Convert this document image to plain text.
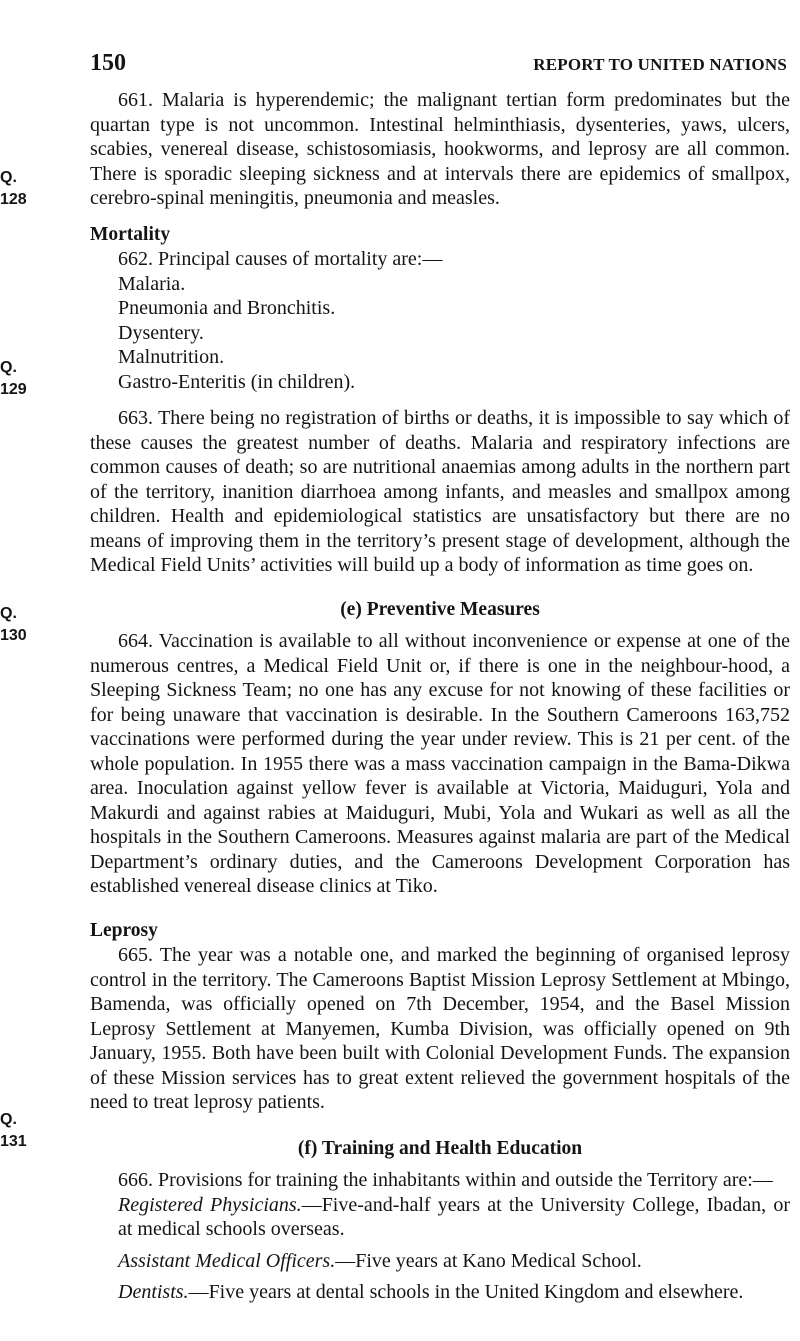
150	REPORT TO UNITED NATIONS
Q. 128
Q. 129
Q. 130
Q. 131

661. Malaria is hyperendemic; the malignant tertian form predominates but the quartan type is not uncommon. Intestinal helminthiasis, dysenteries, yaws, ulcers, scabies, venereal disease, schistosomiasis, hookworms, and leprosy are all common. There is sporadic sleeping sickness and at intervals there are epidemics of smallpox, cerebro-spinal meningitis, pneumonia and measles.

Mortality

662. Principal causes of mortality are:—

Malaria.
Pneumonia and Bronchitis.
Dysentery.
Malnutrition.
Gastro-Enteritis (in children).

663. There being no registration of births or deaths, it is impossible to say which of these causes the greatest number of deaths. Malaria and respiratory infections are common causes of death; so are nutritional anaemias among adults in the northern part of the territory, inanition diarrhoea among infants, and measles and smallpox among children. Health and epidemiological statistics are unsatisfactory but there are no means of improving them in the territory’s present stage of development, although the Medical Field Units’ activities will build up a body of information as time goes on.

(e) Preventive Measures

664. Vaccination is available to all without inconvenience or expense at one of the numerous centres, a Medical Field Unit or, if there is one in the neighbour-hood, a Sleeping Sickness Team; no one has any excuse for not knowing of these facilities or for being unaware that vaccination is desirable. In the Southern Cameroons 163,752 vaccinations were performed during the year under review. This is 21 per cent. of the whole population. In 1955 there was a mass vaccination campaign in the Bama-Dikwa area. Inoculation against yellow fever is available at Victoria, Maiduguri, Yola and Makurdi and against rabies at Maiduguri, Mubi, Yola and Wukari as well as all the hospitals in the Southern Cameroons. Measures against malaria are part of the Medical Department’s ordinary duties, and the Cameroons Development Corporation has established venereal disease clinics at Tiko.

Leprosy

665. The year was a notable one, and marked the beginning of organised leprosy control in the territory. The Cameroons Baptist Mission Leprosy Settlement at Mbingo, Bamenda, was officially opened on 7th December, 1954, and the Basel Mission Leprosy Settlement at Manyemen, Kumba Division, was officially opened on 9th January, 1955. Both have been built with Colonial Development Funds. The expansion of these Mission services has to great extent relieved the government hospitals of the need to treat leprosy patients.

(f) Training and Health Education

666. Provisions for training the inhabitants within and outside the Territory are:—

Registered Physicians.—Five-and-half years at the University College, Ibadan, or at medical schools overseas.

Assistant Medical Officers.—Five years at Kano Medical School.

Dentists.—Five years at dental schools in the United Kingdom and elsewhere.
